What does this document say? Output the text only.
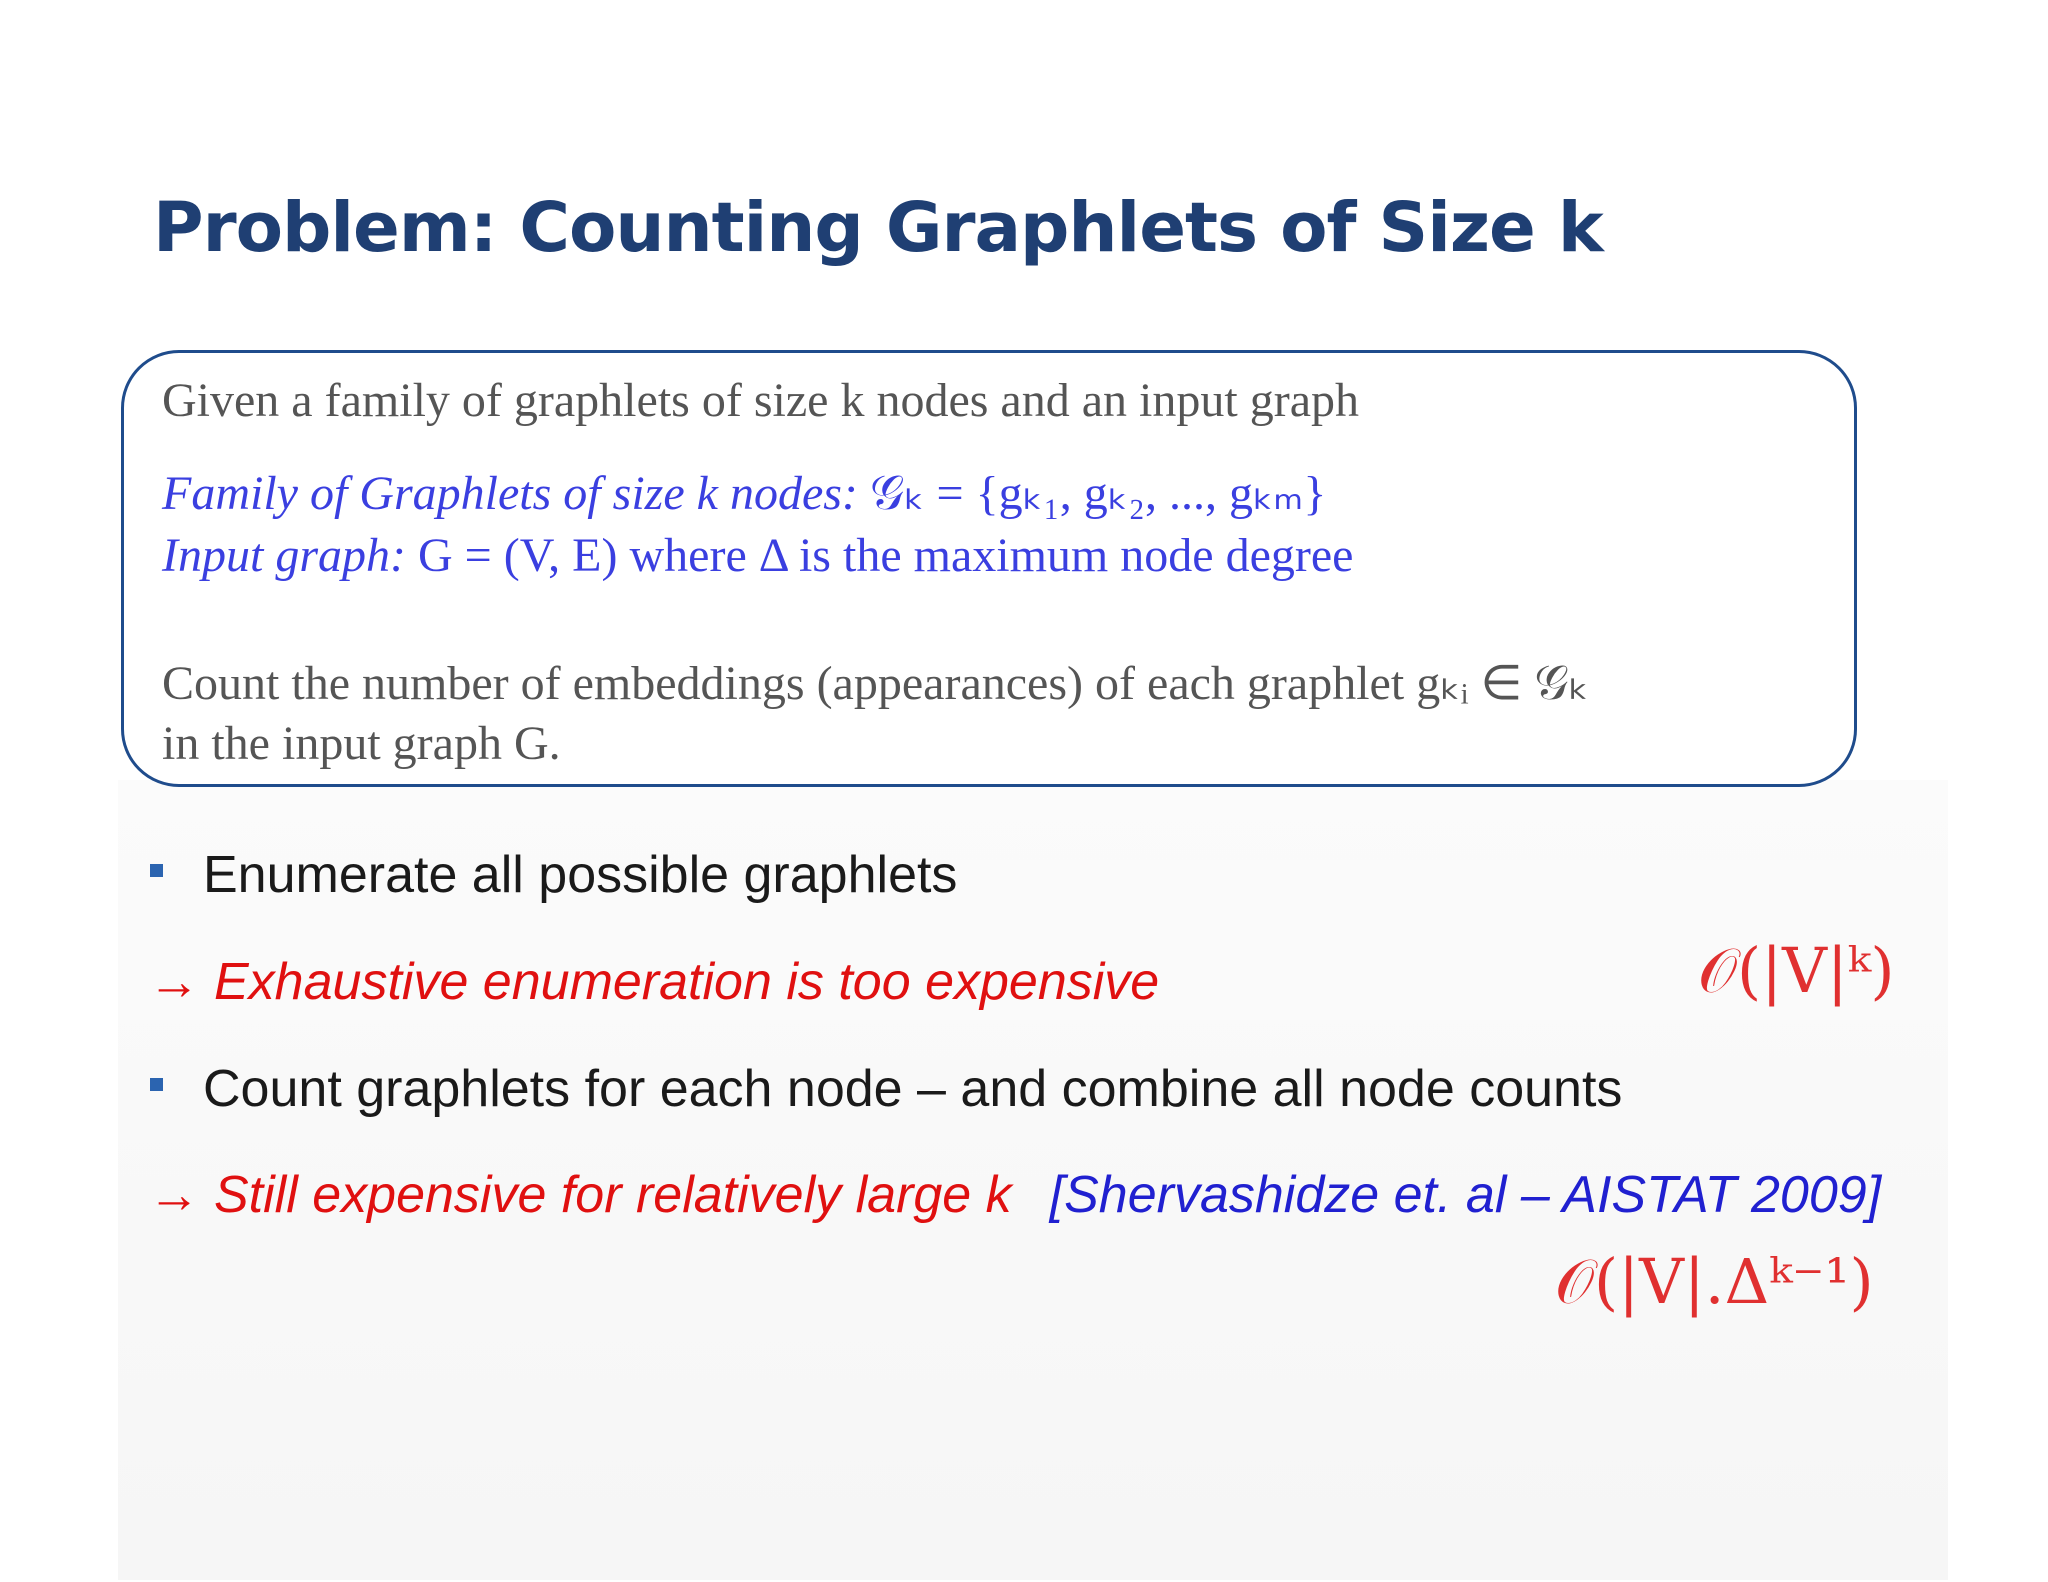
Problem: Counting Graphlets of Size k
Given a family of graphlets of size k nodes and an input graph
Family of Graphlets of size k nodes: 𝒢ₖ = {gₖ₁, gₖ₂, ..., gₖₘ}
Input graph: G = (V, E) where Δ is the maximum node degree
Count the number of embeddings (appearances) of each graphlet gₖᵢ ∈ 𝒢ₖ
in the input graph G.
Enumerate all possible graphlets
→ Exhaustive enumeration is too expensive	𝒪(|V|ᵏ)
Count graphlets for each node – and combine all node counts
→ Still expensive for relatively large k [Shervashidze et. al – AISTAT 2009]
𝒪(|V|.Δᵏ⁻¹)
